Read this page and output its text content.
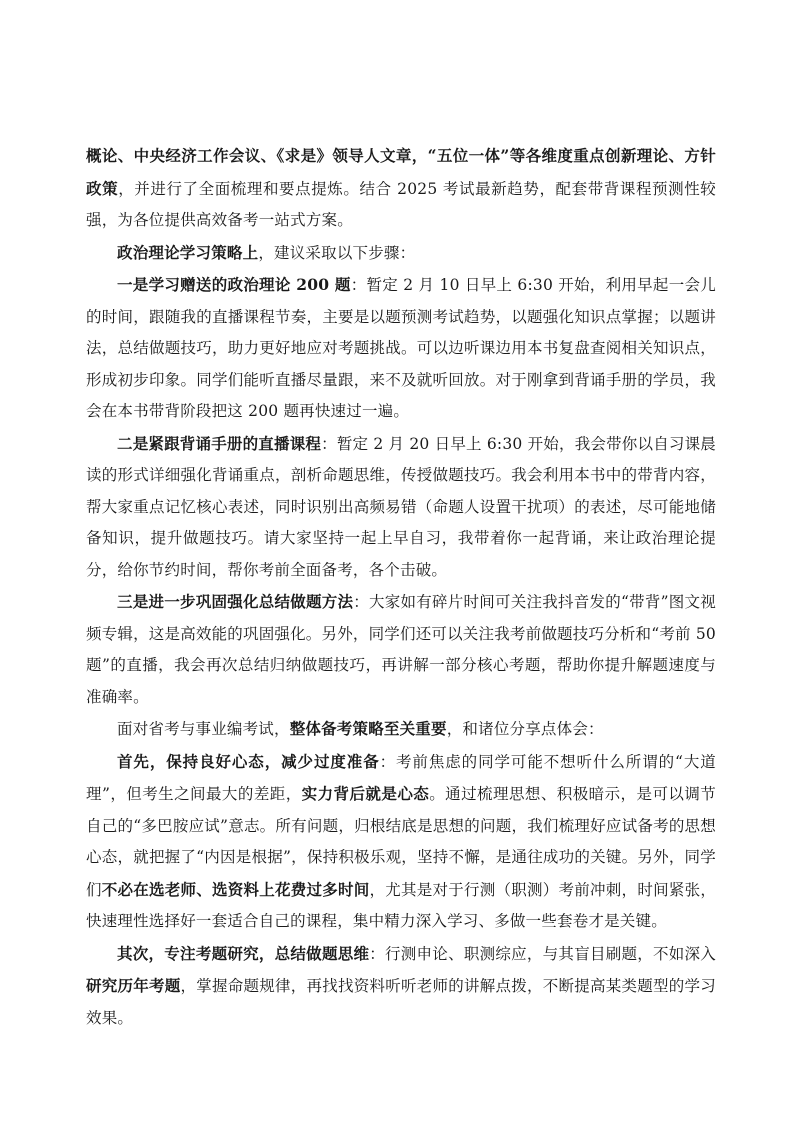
概论、中央经济工作会议、《求是》领导人文章，“五位一体”等各维度重点创新理论、方针政策，并进行了全面梳理和要点提炼。结合 2025 考试最新趋势，配套带背课程预测性较强，为各位提供高效备考一站式方案。

政治理论学习策略上，建议采取以下步骤：

一是学习赠送的政治理论 200 题：暂定 2 月 10 日早上 6:30 开始，利用早起一会儿的时间，跟随我的直播课程节奏，主要是以题预测考试趋势，以题强化知识点掌握；以题讲法，总结做题技巧，助力更好地应对考题挑战。可以边听课边用本书复盘查阅相关知识点，形成初步印象。同学们能听直播尽量跟，来不及就听回放。对于刚拿到背诵手册的学员，我会在本书带背阶段把这 200 题再快速过一遍。

二是紧跟背诵手册的直播课程：暂定 2 月 20 日早上 6:30 开始，我会带你以自习课晨读的形式详细强化背诵重点，剖析命题思维，传授做题技巧。我会利用本书中的带背内容，帮大家重点记忆核心表述，同时识别出高频易错（命题人设置干扰项）的表述，尽可能地储备知识，提升做题技巧。请大家坚持一起上早自习，我带着你一起背诵，来让政治理论提分，给你节约时间，帮你考前全面备考，各个击破。

三是进一步巩固强化总结做题方法：大家如有碎片时间可关注我抖音发的“带背”图文视频专辑，这是高效能的巩固强化。另外，同学们还可以关注我考前做题技巧分析和“考前 50 题”的直播，我会再次总结归纳做题技巧，再讲解一部分核心考题，帮助你提升解题速度与准确率。

面对省考与事业编考试，整体备考策略至关重要，和诸位分享点体会：

首先，保持良好心态，减少过度准备：考前焦虑的同学可能不想听什么所谓的“大道理”，但考生之间最大的差距，实力背后就是心态。通过梳理思想、积极暗示，是可以调节自己的“多巴胺应试”意志。所有问题，归根结底是思想的问题，我们梳理好应试备考的思想心态，就把握了“内因是根据”，保持积极乐观，坚持不懈，是通往成功的关键。另外，同学们不必在选老师、选资料上花费过多时间，尤其是对于行测（职测）考前冲刺，时间紧张，快速理性选择好一套适合自己的课程，集中精力深入学习、多做一些套卷才是关键。

其次，专注考题研究，总结做题思维：行测申论、职测综应，与其盲目刷题，不如深入研究历年考题，掌握命题规律，再找找资料听听老师的讲解点拨，不断提高某类题型的学习效果。
